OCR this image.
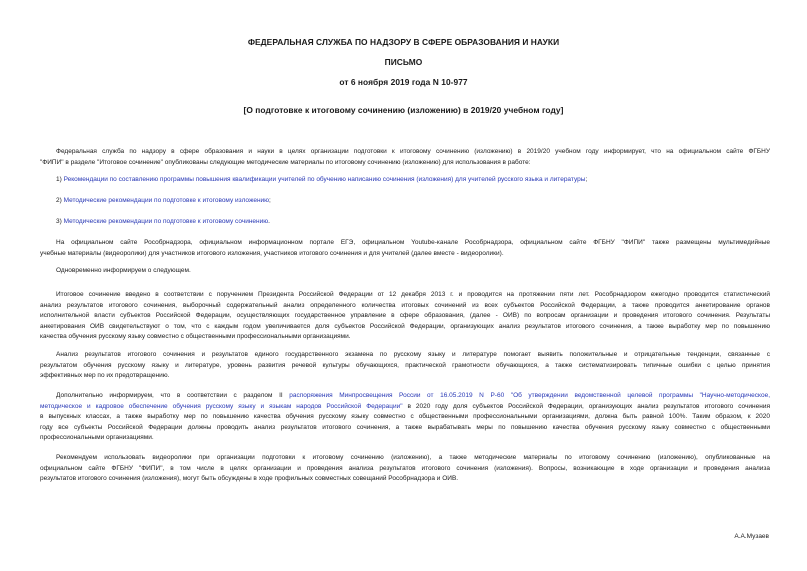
ФЕДЕРАЛЬНАЯ СЛУЖБА ПО НАДЗОРУ В СФЕРЕ ОБРАЗОВАНИЯ И НАУКИ
ПИСЬМО
от 6 ноября 2019 года N 10-977
[О подготовке к итоговому сочинению (изложению) в 2019/20 учебном году]
Федеральная служба по надзору в сфере образования и науки в целях организации подготовки к итоговому сочинению (изложению) в 2019/20 учебном году информирует, что на официальном сайте ФГБНУ
"ФИПИ" в разделе "Итоговое сочинение" опубликованы следующие методические материалы по итоговому сочинению (изложению) для использования в работе:
1) Рекомендации по составлению программы повышения квалификации учителей по обучению написанию сочинения (изложения) для учителей русского языка и литературы;
2) Методические рекомендации по подготовке к итоговому изложению;
3) Методические рекомендации по подготовке к итоговому сочинению.
На официальном сайте Рособрнадзора, официальном информационном портале ЕГЭ, официальном Youtube-канале Рособрнадзора, официальном сайте ФГБНУ "ФИПИ" также размещены мультимедийные
учебные материалы (видеоролики) для участников итогового изложения, участников итогового сочинения и для учителей (далее вместе - видеоролики).
Одновременно информируем о следующем.
Итоговое сочинение введено в соответствии с поручением Президента Российской Федерации от 12 декабря 2013 г. и проводится на протяжении пяти лет. Рособрнадзором ежегодно проводится статистический
анализ результатов итогового сочинения, выборочный содержательный анализ определенного количества итоговых сочинений из всех субъектов Российской Федерации, а также проводится анкетирование органов
исполнительной власти субъектов Российской Федерации, осуществляющих государственное управление в сфере образования, (далее - ОИВ) по вопросам организации и проведения итогового сочинения. Результаты
анкетирования ОИВ свидетельствуют о том, что с каждым годом увеличивается доля субъектов Российской Федерации, организующих анализ результатов итогового сочинения, а также выработку мер по повышению
качества обучения русскому языку совместно с общественными профессиональными организациями.
Анализ результатов итогового сочинения и результатов единого государственного экзамена по русскому языку и литературе помогает выявить положительные и отрицательные тенденции, связанные с
результатом обучения русскому языку и литературе, уровень развития речевой культуры обучающихся, практической грамотности обучающихся, а также систематизировать типичные ошибки с целью принятия
эффективных мер по их предотвращению.
Дополнительно информируем, что в соответствии с разделом II распоряжения Минпросвещения России от 16.05.2019 N Р-60 "Об утверждении ведомственной целевой программы "Научно-методическое,
методическое и кадровое обеспечение обучения русскому языку и языкам народов Российской Федерации" в 2020 году доля субъектов Российской Федерации, организующих анализ результатов итогового сочинения
в выпускных классах, а также выработку мер по повышению качества обучения русскому языку совместно с общественными профессиональными организациями, должна быть равной 100%. Таким образом, к 2020
году все субъекты Российской Федерации должны проводить анализ результатов итогового сочинения, а также вырабатывать меры по повышению качества обучения русскому языку совместно с общественными
профессиональными организациями.
Рекомендуем использовать видеоролики при организации подготовки к итоговому сочинению (изложению), а также методические материалы по итоговому сочинению (изложению), опубликованные на
официальном сайте ФГБНУ "ФИПИ", в том числе в целях организации и проведения анализа результатов итогового сочинения (изложения). Вопросы, возникающие в ходе организации и проведения анализа
результатов итогового сочинения (изложения), могут быть обсуждены в ходе профильных совместных совещаний Рособрнадзора и ОИВ.
А.А.Музаев
